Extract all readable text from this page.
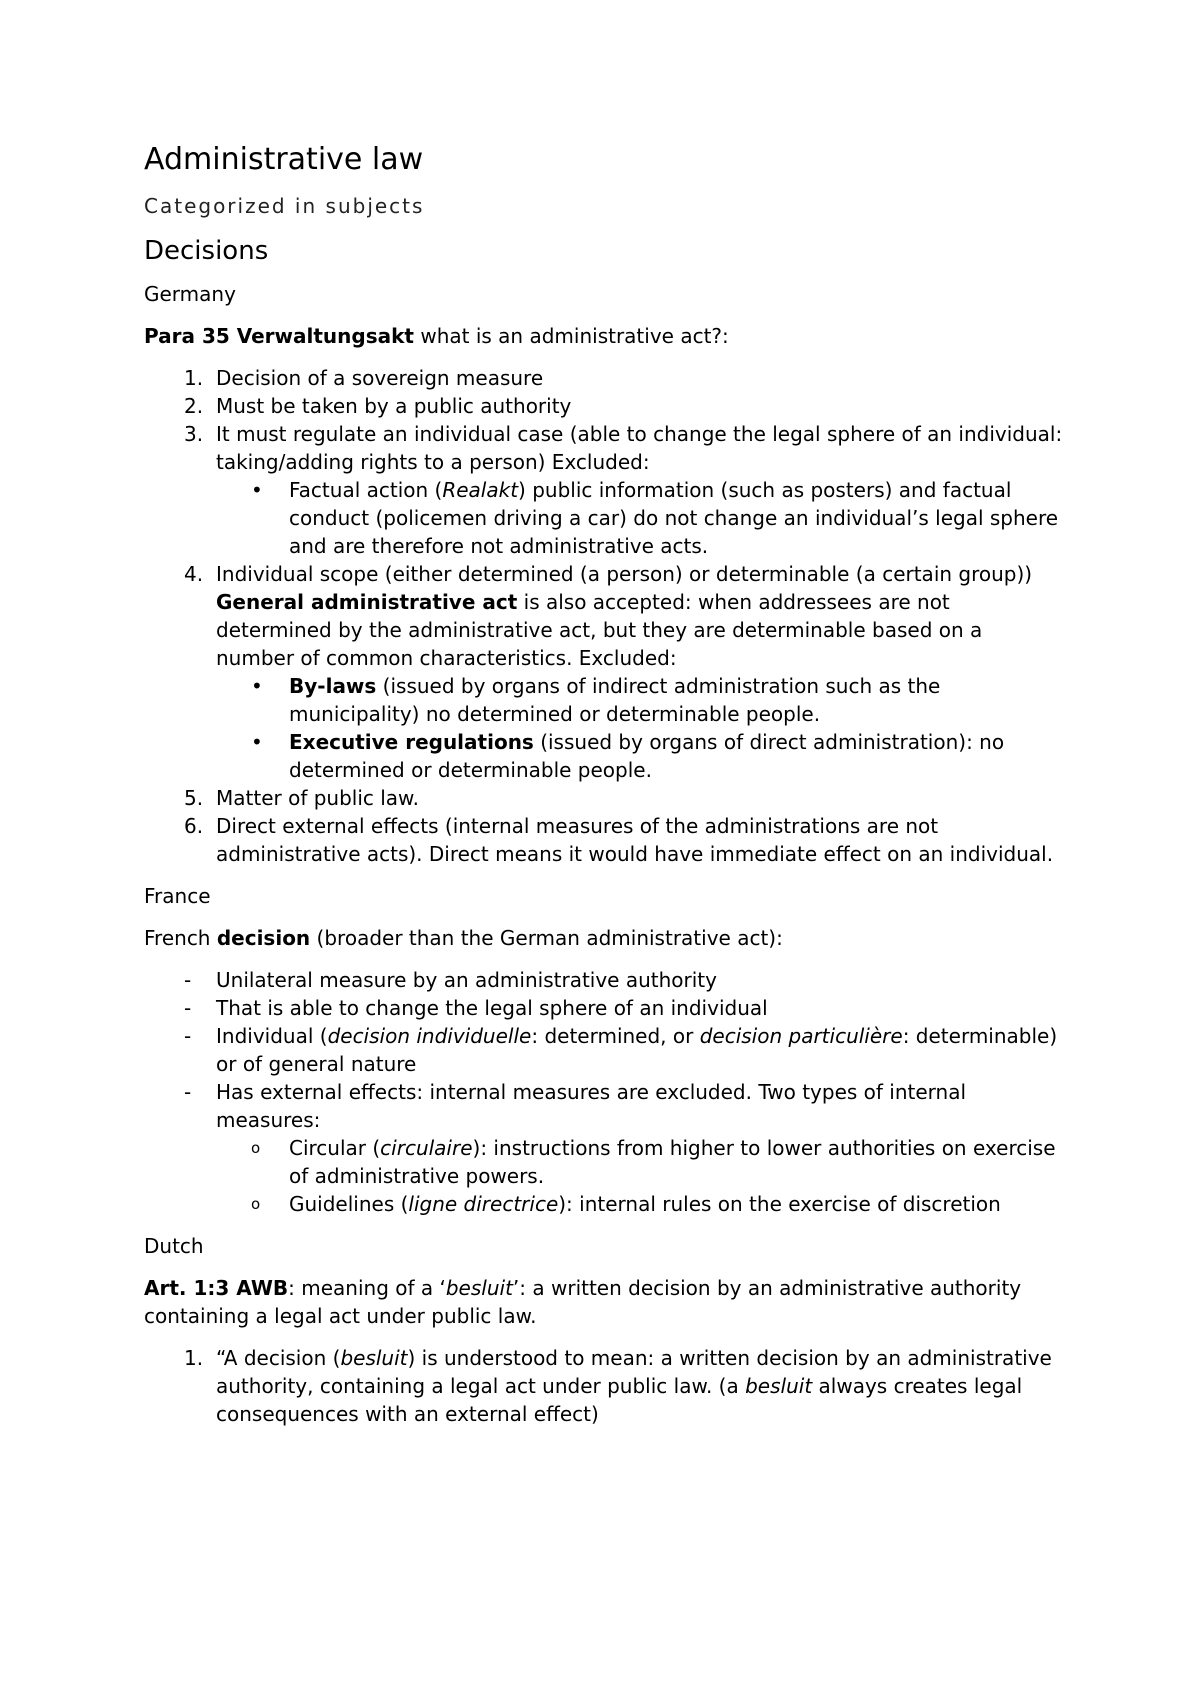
Administrative law
Categorized in subjects
Decisions
Germany

Para 35 Verwaltungsakt what is an administrative act?:

1. Decision of a sovereign measure

2. Must be taken by a public authority

3. It must regulate an individual case (able to change the legal sphere of an individual: taking/adding rights to a person) Excluded:

• Factual action (Realakt) public information (such as posters) and factual conduct (policemen driving a car) do not change an individual’s legal sphere and are therefore not administrative acts.

4. Individual scope (either determined (a person) or determinable (a certain group)) General administrative act is also accepted: when addressees are not determined by the administrative act, but they are determinable based on a number of common characteristics. Excluded:

• By-laws (issued by organs of indirect administration such as the municipality) no determined or determinable people.

• Executive regulations (issued by organs of direct administration): no determined or determinable people.

5. Matter of public law.

6. Direct external effects (internal measures of the administrations are not administrative acts). Direct means it would have immediate effect on an individual.

France

French decision (broader than the German administrative act):

- Unilateral measure by an administrative authority

- That is able to change the legal sphere of an individual

- Individual (decision individuelle: determined, or decision particulière: determinable) or of general nature

- Has external effects: internal measures are excluded. Two types of internal measures:

o Circular (circulaire): instructions from higher to lower authorities on exercise of administrative powers.

o Guidelines (ligne directrice): internal rules on the exercise of discretion

Dutch

Art. 1:3 AWB: meaning of a ‘besluit’: a written decision by an administrative authority containing a legal act under public law.

1. “A decision (besluit) is understood to mean: a written decision by an administrative authority, containing a legal act under public law. (a besluit always creates legal consequences with an external effect)
